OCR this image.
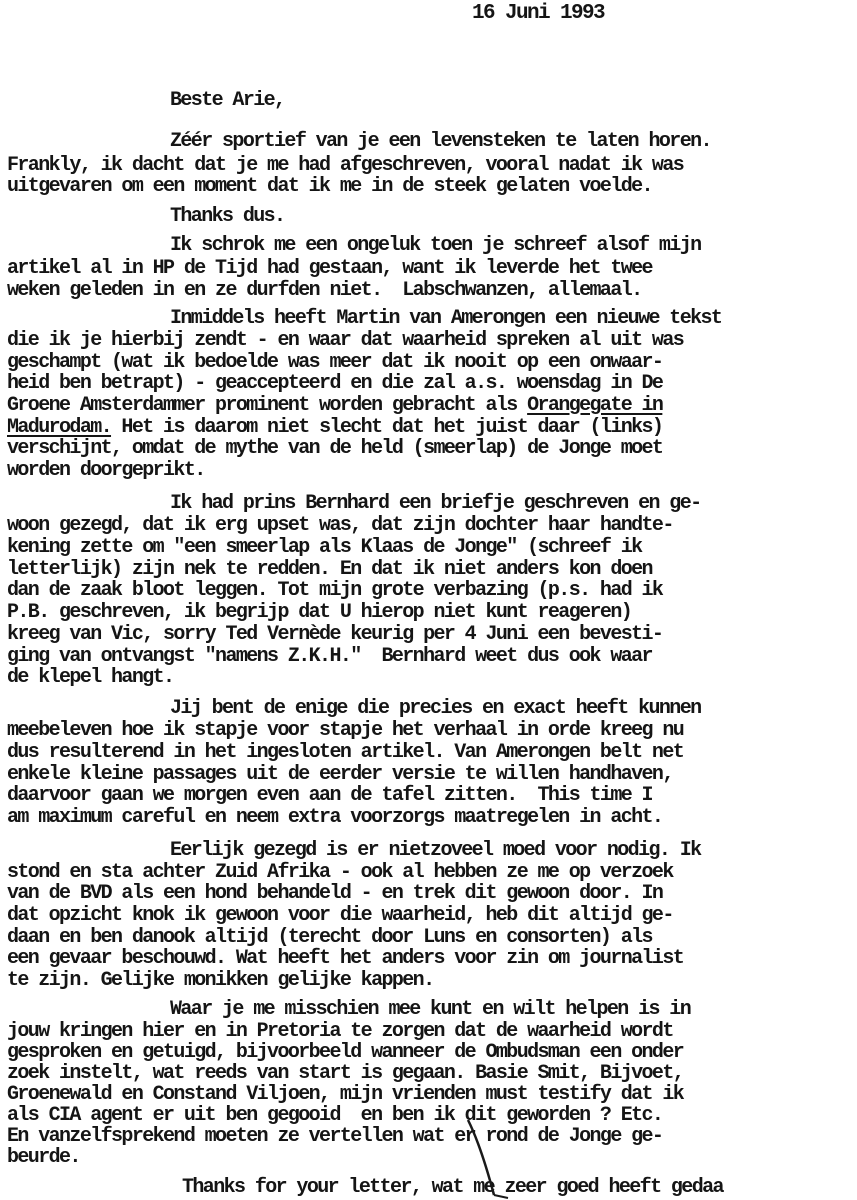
16 Juni 1993
Beste Arie,
Zéér sportief van je een levensteken te laten horen.
Frankly, ik dacht dat je me had afgeschreven, vooral nadat ik was
uitgevaren om een moment dat ik me in de steek gelaten voelde.
Thanks dus.
Ik schrok me een ongeluk toen je schreef alsof mijn
artikel al in HP de Tijd had gestaan, want ik leverde het twee
weken geleden in en ze durfden niet.  Labschwanzen, allemaal.
Inmiddels heeft Martin van Amerongen een nieuwe tekst
die ik je hierbij zendt - en waar dat waarheid spreken al uit was
geschampt (wat ik bedoelde was meer dat ik nooit op een onwaar-
heid ben betrapt) - geaccepteerd en die zal a.s. woensdag in De
Groene Amsterdammer prominent worden gebracht als Orangegate in
Madurodam. Het is daarom niet slecht dat het juist daar (links)
verschijnt, omdat de mythe van de held (smeerlap) de Jonge moet
worden doorgeprikt.
Ik had prins Bernhard een briefje geschreven en ge-
woon gezegd, dat ik erg upset was, dat zijn dochter haar handte-
kening zette om "een smeerlap als Klaas de Jonge" (schreef ik
letterlijk) zijn nek te redden. En dat ik niet anders kon doen
dan de zaak bloot leggen. Tot mijn grote verbazing (p.s. had ik
P.B. geschreven, ik begrijp dat U hierop niet kunt reageren)
kreeg van Vic, sorry Ted Vernède keurig per 4 Juni een bevesti-
ging van ontvangst "namens Z.K.H."  Bernhard weet dus ook waar
de klepel hangt.
Jij bent de enige die precies en exact heeft kunnen
meebeleven hoe ik stapje voor stapje het verhaal in orde kreeg nu
dus resulterend in het ingesloten artikel. Van Amerongen belt net
enkele kleine passages uit de eerder versie te willen handhaven,
daarvoor gaan we morgen even aan de tafel zitten.  This time I
am maximum careful en neem extra voorzorgs maatregelen in acht.
Eerlijk gezegd is er nietzoveel moed voor nodig. Ik
stond en sta achter Zuid Afrika - ook al hebben ze me op verzoek
van de BVD als een hond behandeld - en trek dit gewoon door. In
dat opzicht knok ik gewoon voor die waarheid, heb dit altijd ge-
daan en ben danook altijd (terecht door Luns en consorten) als
een gevaar beschouwd. Wat heeft het anders voor zin om journalist
te zijn. Gelijke monikken gelijke kappen.
Waar je me misschien mee kunt en wilt helpen is in
jouw kringen hier en in Pretoria te zorgen dat de waarheid wordt
gesproken en getuigd, bijvoorbeeld wanneer de Ombudsman een onder
zoek instelt, wat reeds van start is gegaan. Basie Smit, Bijvoet,
Groenewald en Constand Viljoen, mijn vrienden must testify dat ik
als CIA agent er uit ben gegooid  en ben ik dit geworden ? Etc.
En vanzelfsprekend moeten ze vertellen wat er rond de Jonge ge-
beurde.
Thanks for your letter, wat me zeer goed heeft gedaa
